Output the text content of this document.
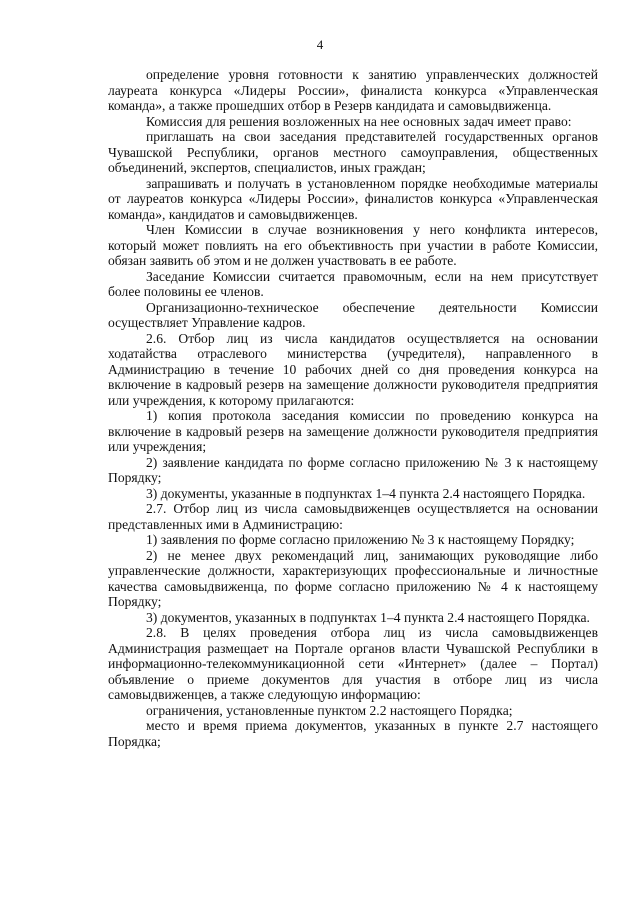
4

определение уровня готовности к занятию управленческих должностей лауреата конкурса «Лидеры России», финалиста конкурса «Управленческая команда», а также прошедших отбор в Резерв кандидата и самовыдвиженца.

Комиссия для решения возложенных на нее основных задач имеет право:

приглашать на свои заседания представителей государственных органов Чувашской Республики, органов местного самоуправления, общественных объединений, экспертов, специалистов, иных граждан;

запрашивать и получать в установленном порядке необходимые материалы от лауреатов конкурса «Лидеры России», финалистов конкурса «Управленческая команда», кандидатов и самовыдвиженцев.

Член Комиссии в случае возникновения у него конфликта интересов, который может повлиять на его объективность при участии в работе Комиссии, обязан заявить об этом и не должен участвовать в ее работе.

Заседание Комиссии считается правомочным, если на нем присутствует более половины ее членов.

Организационно-техническое обеспечение деятельности Комиссии осуществляет Управление кадров.

2.6. Отбор лиц из числа кандидатов осуществляется на основании ходатайства отраслевого министерства (учредителя), направленного в Администрацию в течение 10 рабочих дней со дня проведения конкурса на включение в кадровый резерв на замещение должности руководителя предприятия или учреждения, к которому прилагаются:

1) копия протокола заседания комиссии по проведению конкурса на включение в кадровый резерв на замещение должности руководителя предприятия или учреждения;

2) заявление кандидата по форме согласно приложению № 3 к настоящему Порядку;

3) документы, указанные в подпунктах 1–4 пункта 2.4 настоящего Порядка.

2.7. Отбор лиц из числа самовыдвиженцев осуществляется на основании представленных ими в Администрацию:

1) заявления по форме согласно приложению № 3 к настоящему Порядку;

2) не менее двух рекомендаций лиц, занимающих руководящие либо управленческие должности, характеризующих профессиональные и личностные качества самовыдвиженца, по форме согласно приложению № 4 к настоящему Порядку;

3) документов, указанных в подпунктах 1–4 пункта 2.4 настоящего Порядка.

2.8. В целях проведения отбора лиц из числа самовыдвиженцев Администрация размещает на Портале органов власти Чувашской Республики в информационно-телекоммуникационной сети «Интернет» (далее – Портал) объявление о приеме документов для участия в отборе лиц из числа самовыдвиженцев, а также следующую информацию:

ограничения, установленные пунктом 2.2 настоящего Порядка;

место и время приема документов, указанных в пункте 2.7 настоящего Порядка;
